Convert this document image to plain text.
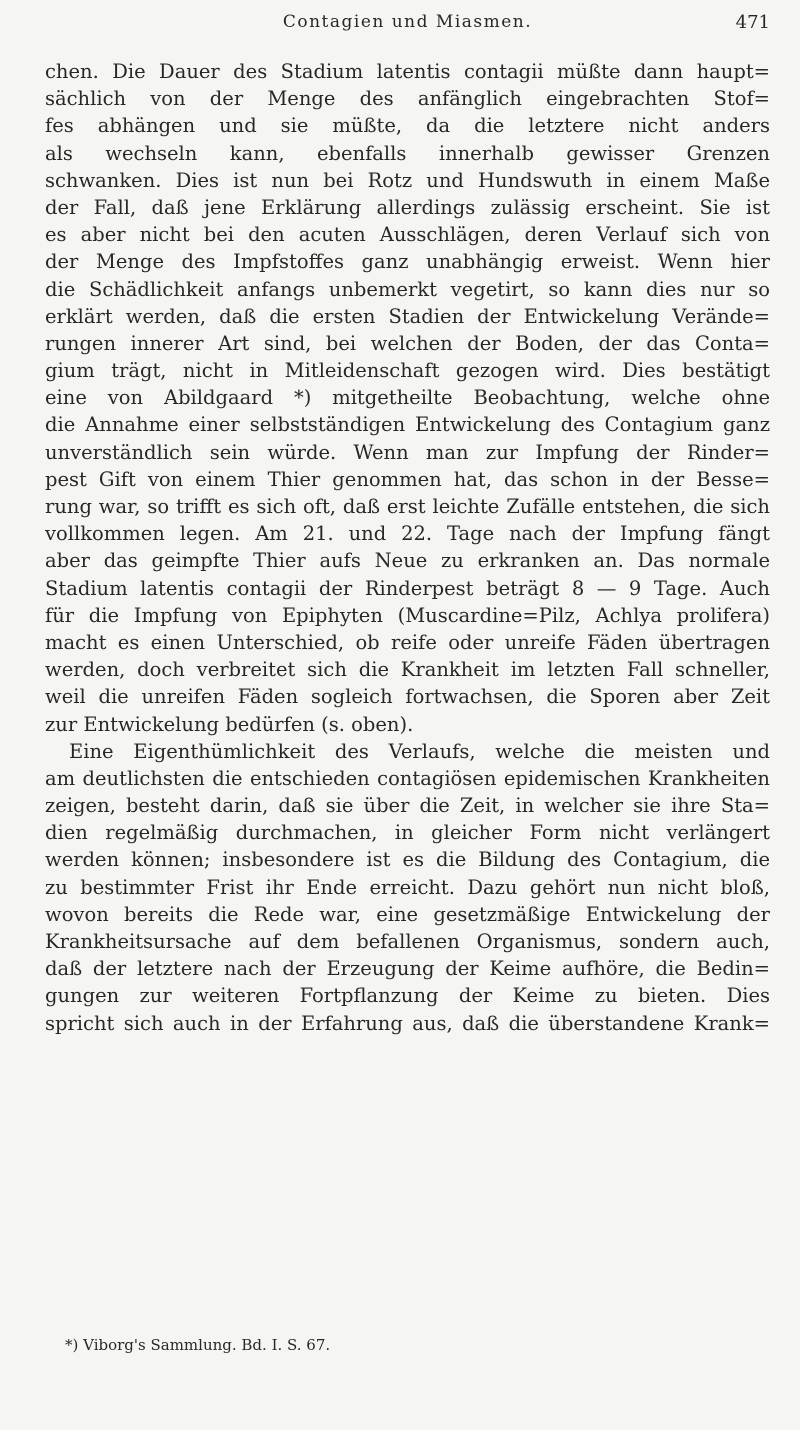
Contagien und Miasmen.	471
chen. Die Dauer des Stadium latentis contagii müßte dann haupt=
sächlich von der Menge des anfänglich eingebrachten Stof=
fes abhängen und sie müßte, da die letztere nicht anders
als wechseln kann, ebenfalls innerhalb gewisser Grenzen
schwanken. Dies ist nun bei Rotz und Hundswuth in einem Maße
der Fall, daß jene Erklärung allerdings zulässig erscheint. Sie ist
es aber nicht bei den acuten Ausschlägen, deren Verlauf sich von
der Menge des Impfstoffes ganz unabhängig erweist. Wenn hier
die Schädlichkeit anfangs unbemerkt vegetirt, so kann dies nur so
erklärt werden, daß die ersten Stadien der Entwickelung Verände=
rungen innerer Art sind, bei welchen der Boden, der das Conta=
gium trägt, nicht in Mitleidenschaft gezogen wird. Dies bestätigt
eine von Abildgaard *) mitgetheilte Beobachtung, welche ohne
die Annahme einer selbstständigen Entwickelung des Contagium ganz
unverständlich sein würde. Wenn man zur Impfung der Rinder=
pest Gift von einem Thier genommen hat, das schon in der Besse=
rung war, so trifft es sich oft, daß erst leichte Zufälle entstehen, die sich
vollkommen legen. Am 21. und 22. Tage nach der Impfung fängt
aber das geimpfte Thier aufs Neue zu erkranken an. Das normale
Stadium latentis contagii der Rinderpest beträgt 8 — 9 Tage. Auch
für die Impfung von Epiphyten (Muscardine=Pilz, Achlya prolifera)
macht es einen Unterschied, ob reife oder unreife Fäden übertragen
werden, doch verbreitet sich die Krankheit im letzten Fall schneller,
weil die unreifen Fäden sogleich fortwachsen, die Sporen aber Zeit
zur Entwickelung bedürfen (s. oben).
Eine Eigenthümlichkeit des Verlaufs, welche die meisten und
am deutlichsten die entschieden contagiösen epidemischen Krankheiten
zeigen, besteht darin, daß sie über die Zeit, in welcher sie ihre Sta=
dien regelmäßig durchmachen, in gleicher Form nicht verlängert
werden können; insbesondere ist es die Bildung des Contagium, die
zu bestimmter Frist ihr Ende erreicht. Dazu gehört nun nicht bloß,
wovon bereits die Rede war, eine gesetzmäßige Entwickelung der
Krankheitsursache auf dem befallenen Organismus, sondern auch,
daß der letztere nach der Erzeugung der Keime aufhöre, die Bedin=
gungen zur weiteren Fortpflanzung der Keime zu bieten. Dies
spricht sich auch in der Erfahrung aus, daß die überstandene Krank=
*) Viborg's Sammlung. Bd. I. S. 67.
